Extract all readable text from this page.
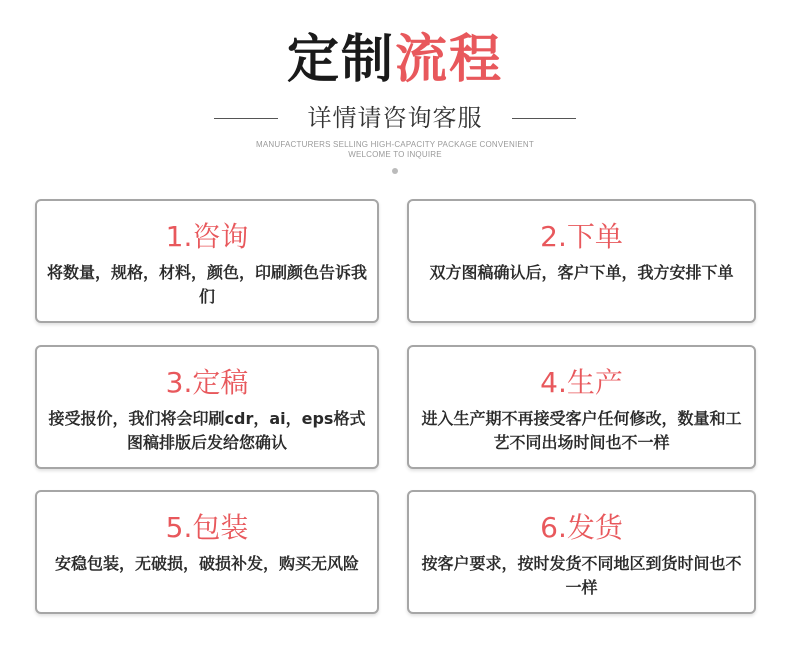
定制流程
详情请咨询客服
MANUFACTURERS SELLING HIGH-CAPACITY PACKAGE CONVENIENT
WELCOME TO INQUIRE
1.咨询
将数量，规格，材料，颜色，印刷颜色告诉我们
2.下单
双方图稿确认后，客户下单，我方安排下单
3.定稿
接受报价，我们将会印刷cdr，ai，eps格式图稿排版后发给您确认
4.生产
进入生产期不再接受客户任何修改，数量和工艺不同出场时间也不一样
5.包装
安稳包装，无破损，破损补发，购买无风险
6.发货
按客户要求，按时发货不同地区到货时间也不一样
